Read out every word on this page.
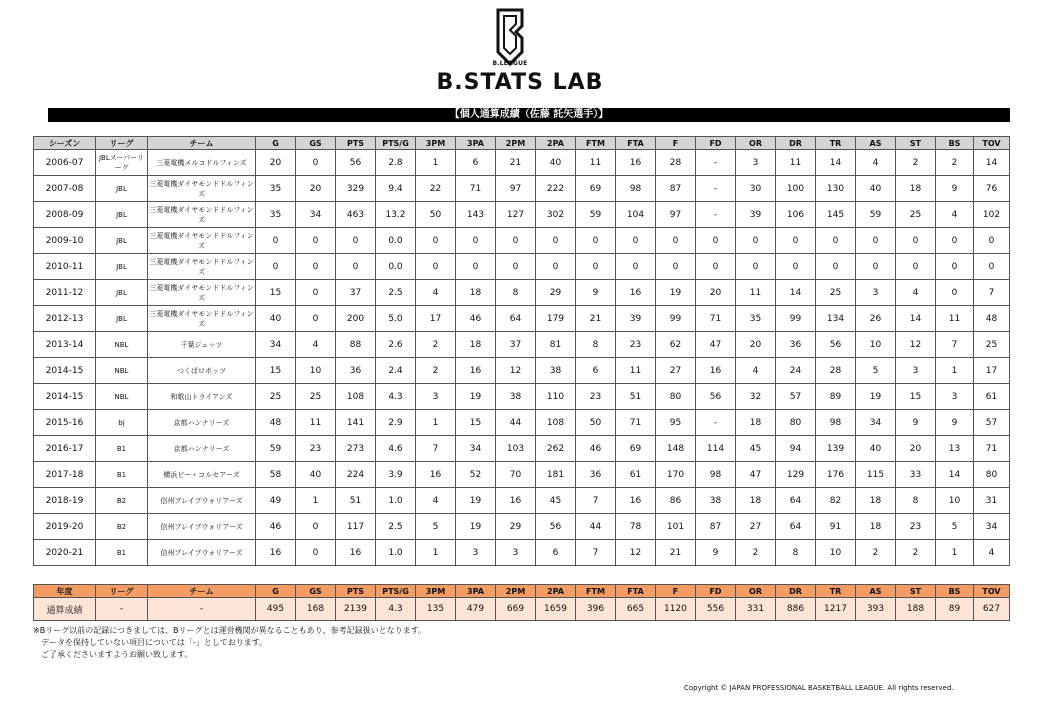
B.LEAGUE
B.STATS LAB
【個人通算成績（佐藤 託矢選手）】
シーズン	リーグ	チーム	G	GS	PTS	PTS/G	3PM	3PA	2PM	2PA	FTM	FTA	F	FD	OR	DR	TR	AS	ST	BS	TOV
2006-07	JBLスーパーリーグ	三菱電機メルコドルフィンズ	20	0	56	2.8	1	6	21	40	11	16	28	-	3	11	14	4	2	2	14
2007-08	JBL	三菱電機ダイヤモンドドルフィンズ	35	20	329	9.4	22	71	97	222	69	98	87	-	30	100	130	40	18	9	76
2008-09	JBL	三菱電機ダイヤモンドドルフィンズ	35	34	463	13.2	50	143	127	302	59	104	97	-	39	106	145	59	25	4	102
2009-10	JBL	三菱電機ダイヤモンドドルフィンズ	0	0	0	0.0	0	0	0	0	0	0	0	0	0	0	0	0	0	0	0
2010-11	JBL	三菱電機ダイヤモンドドルフィンズ	0	0	0	0.0	0	0	0	0	0	0	0	0	0	0	0	0	0	0	0
2011-12	JBL	三菱電機ダイヤモンドドルフィンズ	15	0	37	2.5	4	18	8	29	9	16	19	20	11	14	25	3	4	0	7
2012-13	JBL	三菱電機ダイヤモンドドルフィンズ	40	0	200	5.0	17	46	64	179	21	39	99	71	35	99	134	26	14	11	48
2013-14	NBL	千葉ジェッツ	34	4	88	2.6	2	18	37	81	8	23	62	47	20	36	56	10	12	7	25
2014-15	NBL	つくばロボッツ	15	10	36	2.4	2	16	12	38	6	11	27	16	4	24	28	5	3	1	17
2014-15	NBL	和歌山トライアンズ	25	25	108	4.3	3	19	38	110	23	51	80	56	32	57	89	19	15	3	61
2015-16	bj	京都ハンナリーズ	48	11	141	2.9	1	15	44	108	50	71	95	-	18	80	98	34	9	9	57
2016-17	B1	京都ハンナリーズ	59	23	273	4.6	7	34	103	262	46	69	148	114	45	94	139	40	20	13	71
2017-18	B1	横浜ビー・コルセアーズ	58	40	224	3.9	16	52	70	181	36	61	170	98	47	129	176	115	33	14	80
2018-19	B2	信州ブレイブウォリアーズ	49	1	51	1.0	4	19	16	45	7	16	86	38	18	64	82	18	8	10	31
2019-20	B2	信州ブレイブウォリアーズ	46	0	117	2.5	5	19	29	56	44	78	101	87	27	64	91	18	23	5	34
2020-21	B1	信州ブレイブウォリアーズ	16	0	16	1.0	1	3	3	6	7	12	21	9	2	8	10	2	2	1	4
年度	リーグ	チーム	G	GS	PTS	PTS/G	3PM	3PA	2PM	2PA	FTM	FTA	F	FD	OR	DR	TR	AS	ST	BS	TOV
通算成績	-	-	495	168	2139	4.3	135	479	669	1659	396	665	1120	556	331	886	1217	393	188	89	627
※Bリーグ以前の記録につきましては、Bリーグとは運営機関が異なることもあり、参考記録扱いとなります。
　データを保持していない項目については「-」としております。
　ご了承くださいますようお願い致します。
Copyright © JAPAN PROFESSIONAL BASKETBALL LEAGUE. All rights reserved.
